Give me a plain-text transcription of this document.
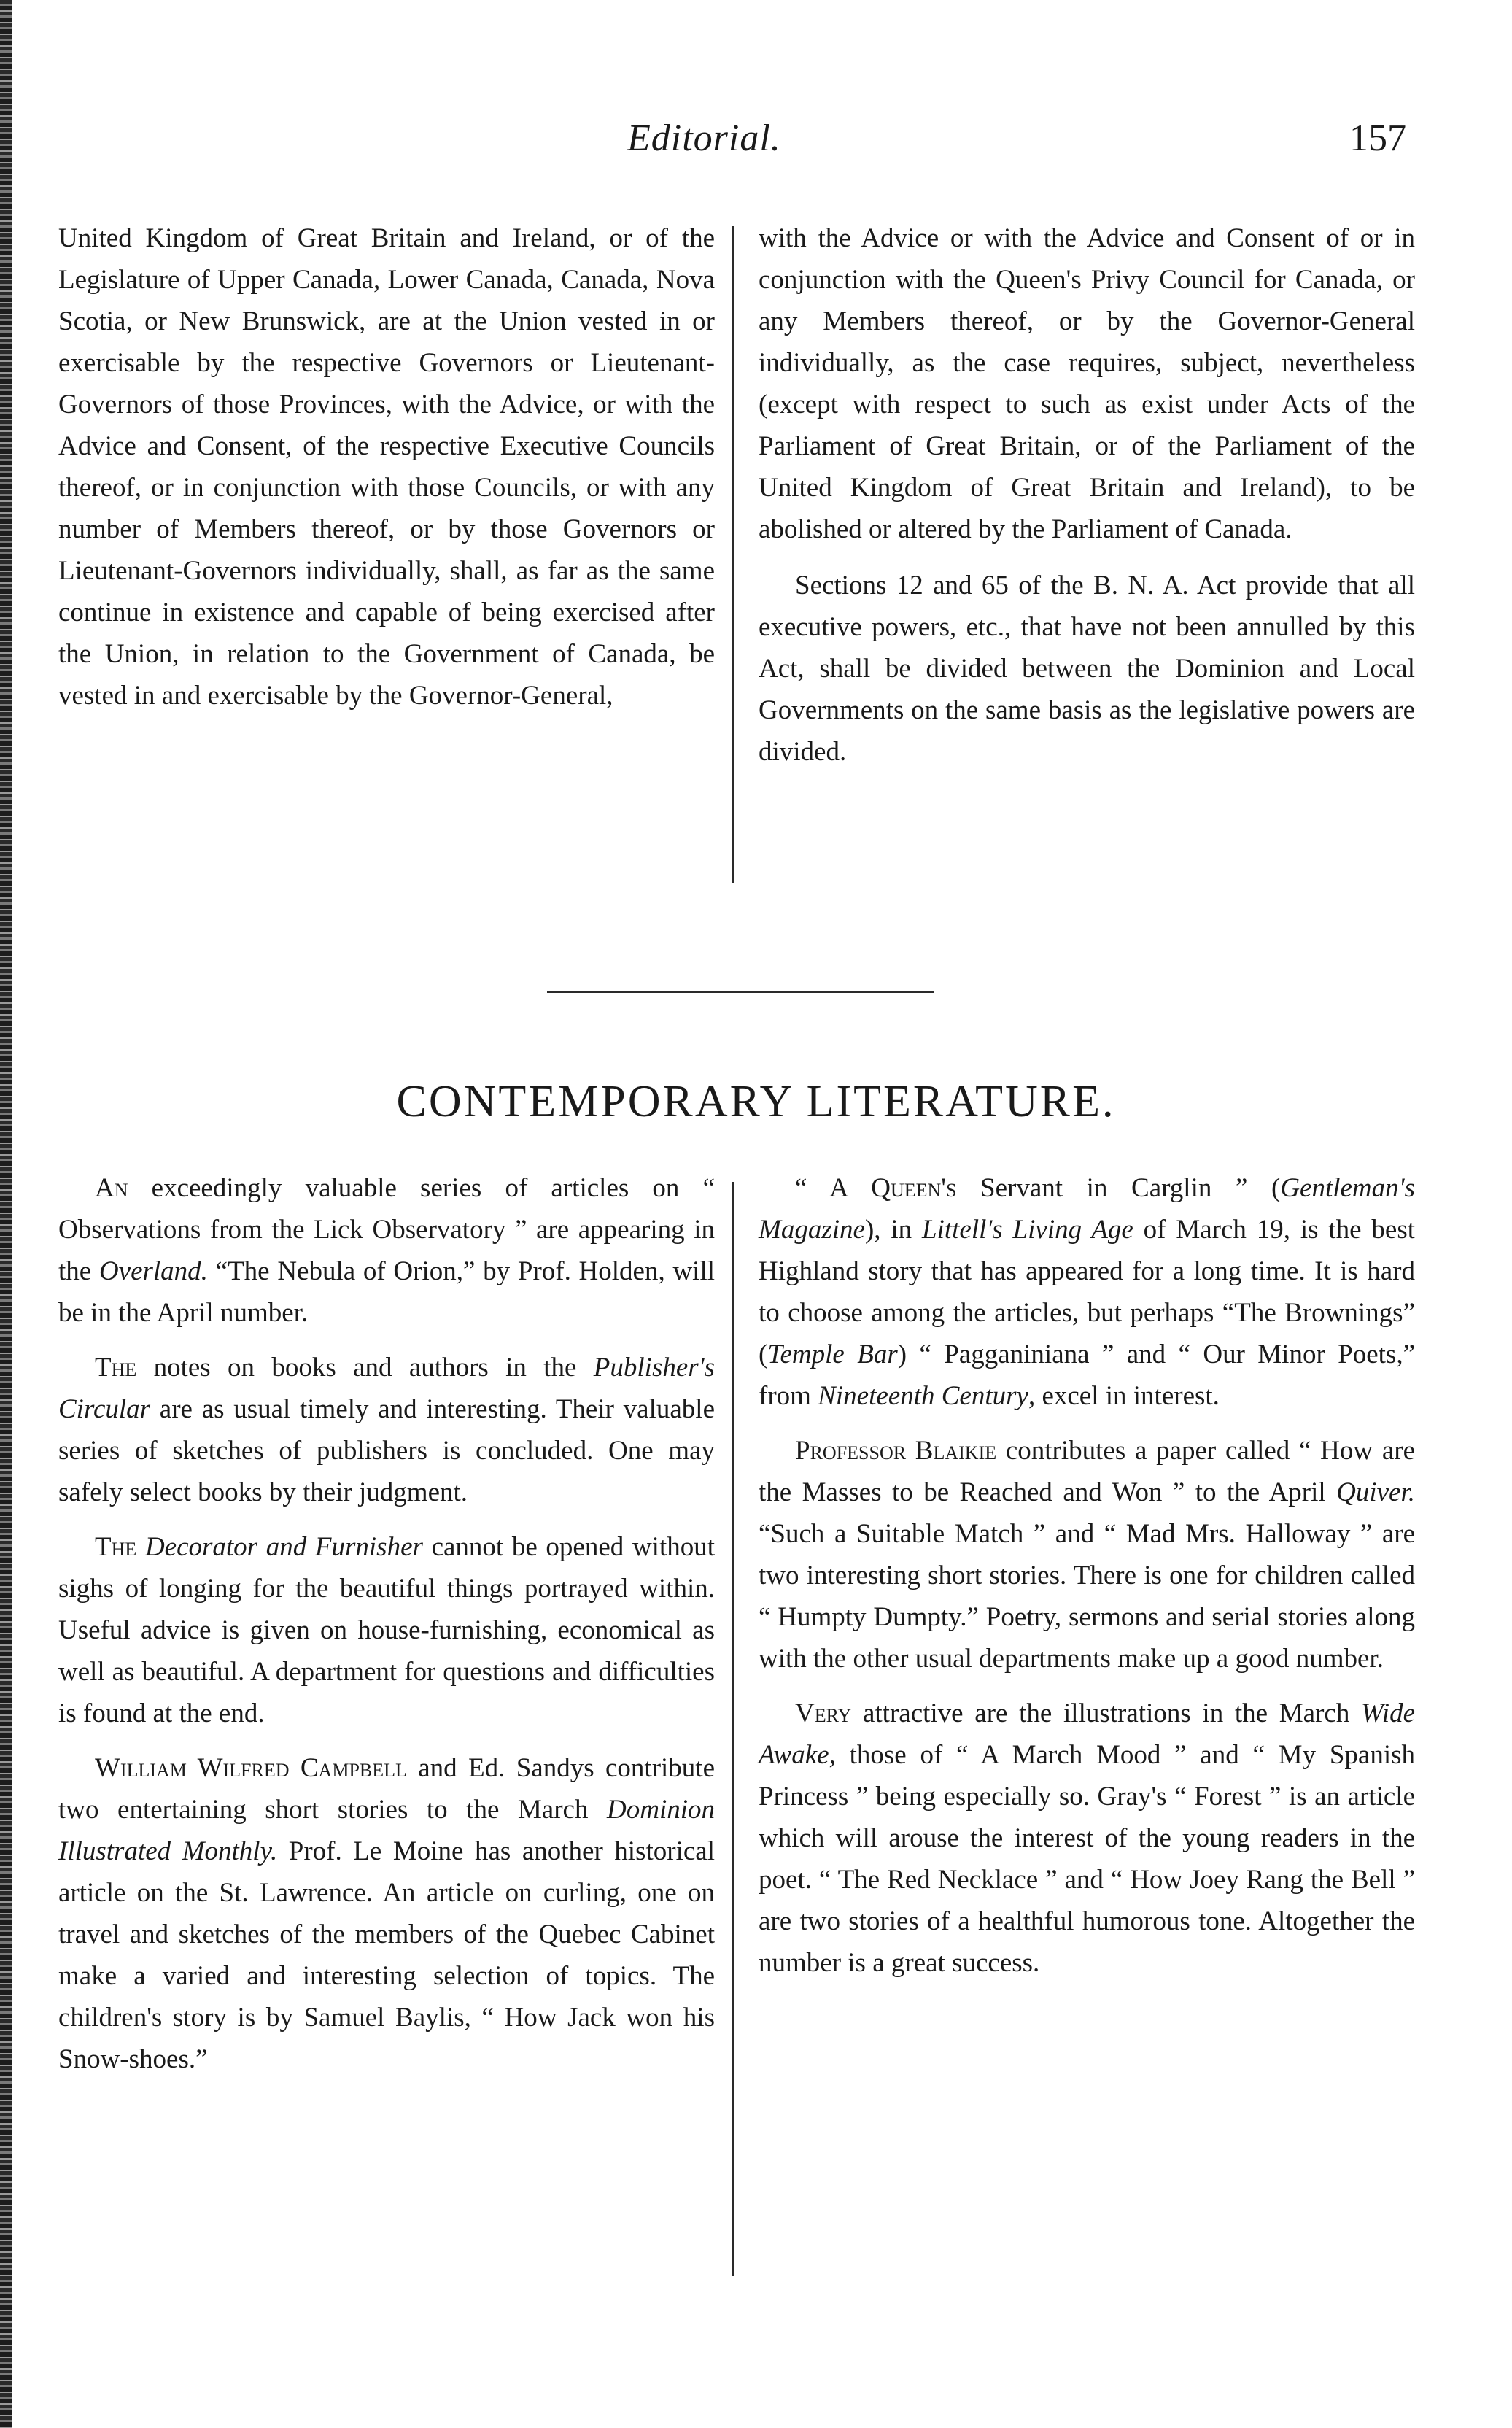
Editorial.	157

United Kingdom of Great Britain and Ireland, or of the Legislature of Upper Canada, Lower Canada, Canada, Nova Scotia, or New Brunswick, are at the Union vested in or exercisable by the respective Governors or Lieutenant-Governors of those Provinces, with the Advice, or with the Advice and Consent, of the respective Executive Councils thereof, or in conjunction with those Councils, or with any number of Members thereof, or by those Governors or Lieutenant-Governors individually, shall, as far as the same continue in existence and capable of being exercised after the Union, in relation to the Government of Canada, be vested in and exercisable by the Governor-General,

with the Advice or with the Advice and Consent of or in conjunction with the Queen's Privy Council for Canada, or any Members thereof, or by the Governor-General individually, as the case requires, subject, nevertheless (except with respect to such as exist under Acts of the Parliament of Great Britain, or of the Parliament of the United Kingdom of Great Britain and Ireland), to be abolished or altered by the Parliament of Canada.

Sections 12 and 65 of the B. N. A. Act provide that all executive powers, etc., that have not been annulled by this Act, shall be divided between the Dominion and Local Governments on the same basis as the legislative powers are divided.

CONTEMPORARY LITERATURE.

An exceedingly valuable series of articles on “ Observations from the Lick Observatory ” are appearing in the Overland. “The Nebula of Orion,” by Prof. Holden, will be in the April number.

The notes on books and authors in the Publisher's Circular are as usual timely and interesting. Their valuable series of sketches of publishers is concluded. One may safely select books by their judgment.

The Decorator and Furnisher cannot be opened without sighs of longing for the beautiful things portrayed within. Useful advice is given on house-furnishing, economical as well as beautiful. A department for questions and difficulties is found at the end.

William Wilfred Campbell and Ed. Sandys contribute two entertaining short stories to the March Dominion Illustrated Monthly. Prof. Le Moine has another historical article on the St. Lawrence. An article on curling, one on travel and sketches of the members of the Quebec Cabinet make a varied and interesting selection of topics. The children's story is by Samuel Baylis, “ How Jack won his Snow-shoes.”

“ A Queen's Servant in Carglin ” (Gentleman's Magazine), in Littell's Living Age of March 19, is the best Highland story that has appeared for a long time. It is hard to choose among the articles, but perhaps “The Brownings” (Temple Bar) “ Pagganiniana ” and “ Our Minor Poets,” from Nineteenth Century, excel in interest.

Professor Blaikie contributes a paper called “ How are the Masses to be Reached and Won ” to the April Quiver. “Such a Suitable Match ” and “ Mad Mrs. Halloway ” are two interesting short stories. There is one for children called “ Humpty Dumpty.” Poetry, sermons and serial stories along with the other usual departments make up a good number.

Very attractive are the illustrations in the March Wide Awake, those of “ A March Mood ” and “ My Spanish Princess ” being especially so. Gray's “ Forest ” is an article which will arouse the interest of the young readers in the poet. “ The Red Necklace ” and “ How Joey Rang the Bell ” are two stories of a healthful humorous tone. Altogether the number is a great success.
